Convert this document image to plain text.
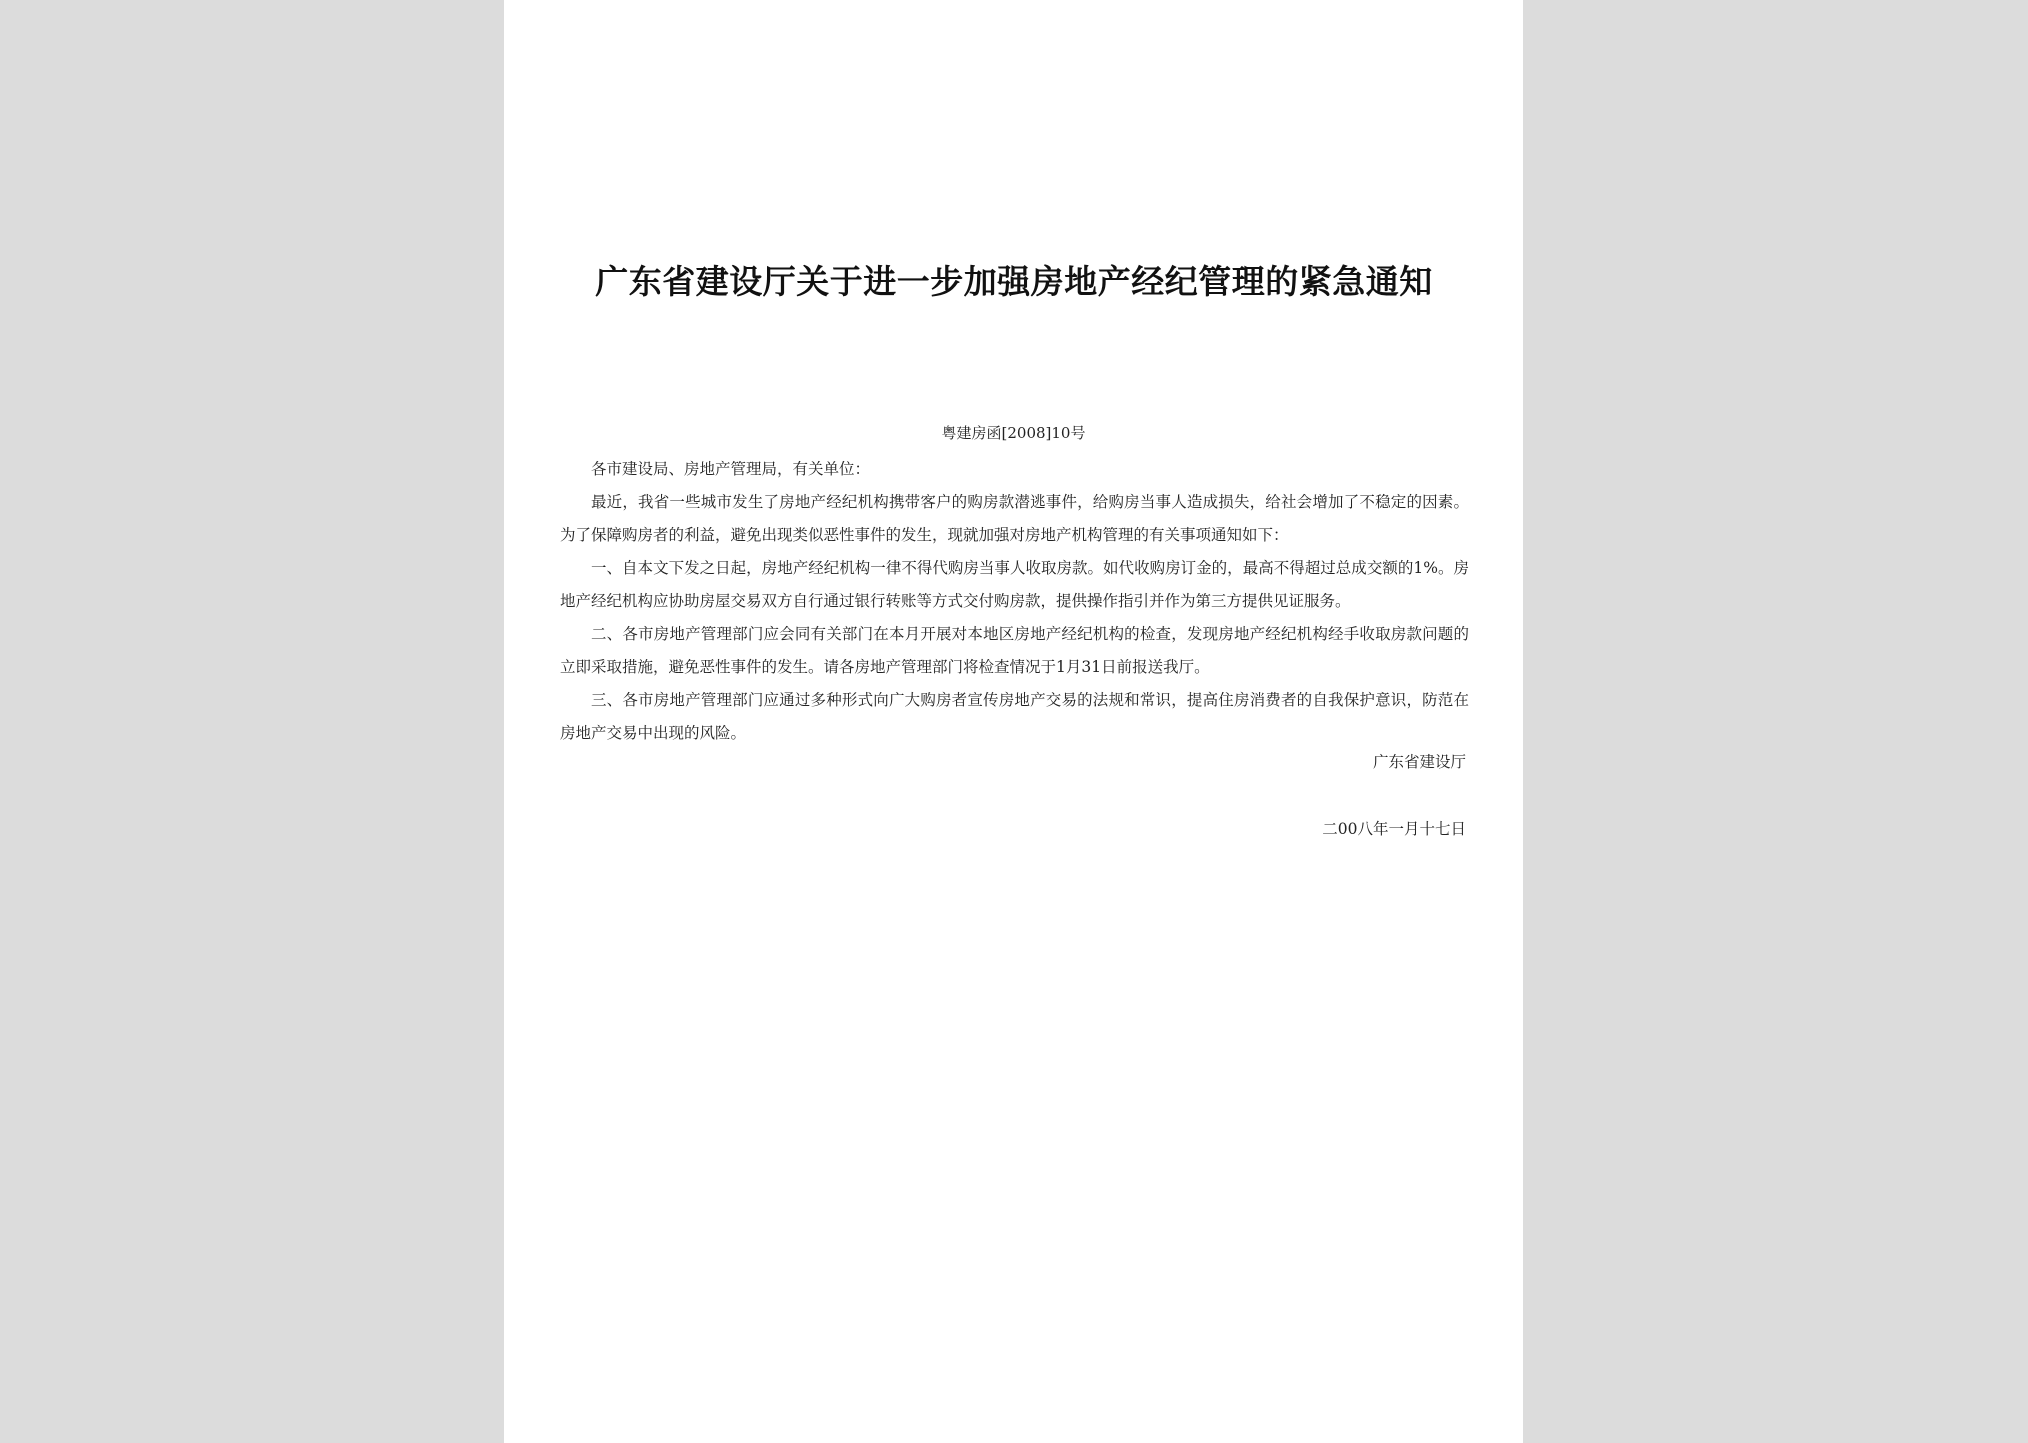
广东省建设厅关于进一步加强房地产经纪管理的紧急通知
粤建房函[2008]10号

各市建设局、房地产管理局，有关单位：

最近，我省一些城市发生了房地产经纪机构携带客户的购房款潜逃事件，给购房当事人造成损失，给社会增加了不稳定的因素。为了保障购房者的利益，避免出现类似恶性事件的发生，现就加强对房地产机构管理的有关事项通知如下：

一、自本文下发之日起，房地产经纪机构一律不得代购房当事人收取房款。如代收购房订金的，最高不得超过总成交额的1%。房地产经纪机构应协助房屋交易双方自行通过银行转账等方式交付购房款，提供操作指引并作为第三方提供见证服务。

二、各市房地产管理部门应会同有关部门在本月开展对本地区房地产经纪机构的检查，发现房地产经纪机构经手收取房款问题的立即采取措施，避免恶性事件的发生。请各房地产管理部门将检查情况于1月31日前报送我厅。

三、各市房地产管理部门应通过多种形式向广大购房者宣传房地产交易的法规和常识，提高住房消费者的自我保护意识，防范在房地产交易中出现的风险。

广东省建设厅
二00八年一月十七日
